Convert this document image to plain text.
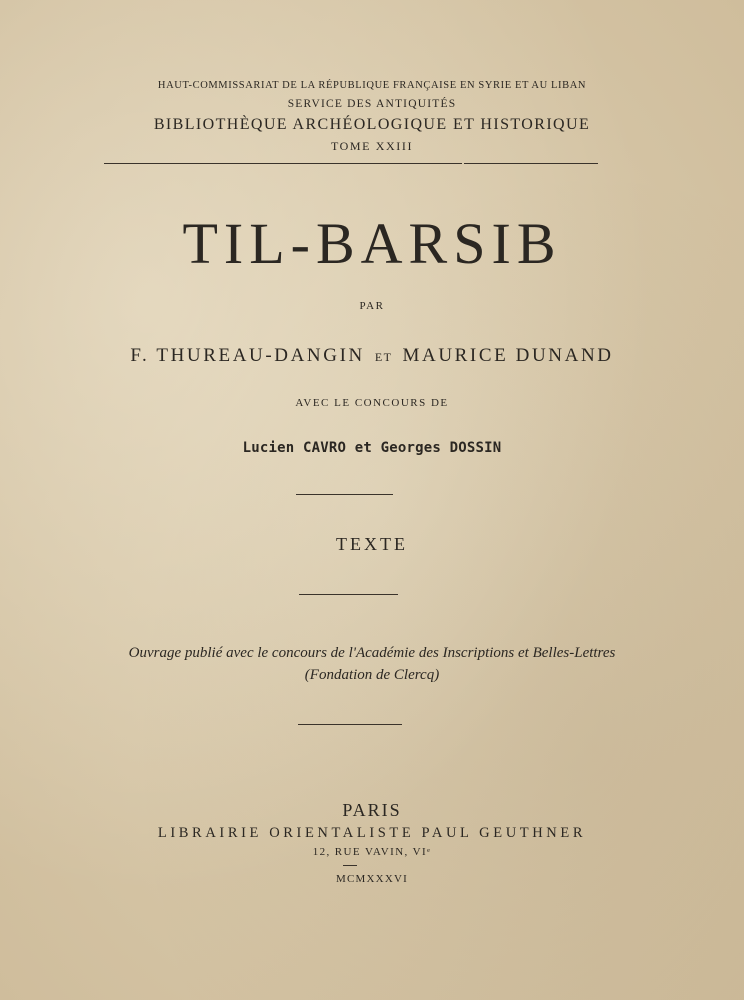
HAUT-COMMISSARIAT DE LA RÉPUBLIQUE FRANÇAISE EN SYRIE ET AU LIBAN
SERVICE DES ANTIQUITÉS
BIBLIOTHÈQUE ARCHÉOLOGIQUE ET HISTORIQUE
TOME XXIII
TIL-BARSIB
PAR
F. THUREAU-DANGIN ET MAURICE DUNAND
AVEC LE CONCOURS DE
Lucien CAVRO et Georges DOSSIN
TEXTE
Ouvrage publié avec le concours de l'Académie des Inscriptions et Belles-Lettres
(Fondation de Clercq)
PARIS
LIBRAIRIE ORIENTALISTE PAUL GEUTHNER
12, RUE VAVIN, VIᵉ
MCMXXXVI
